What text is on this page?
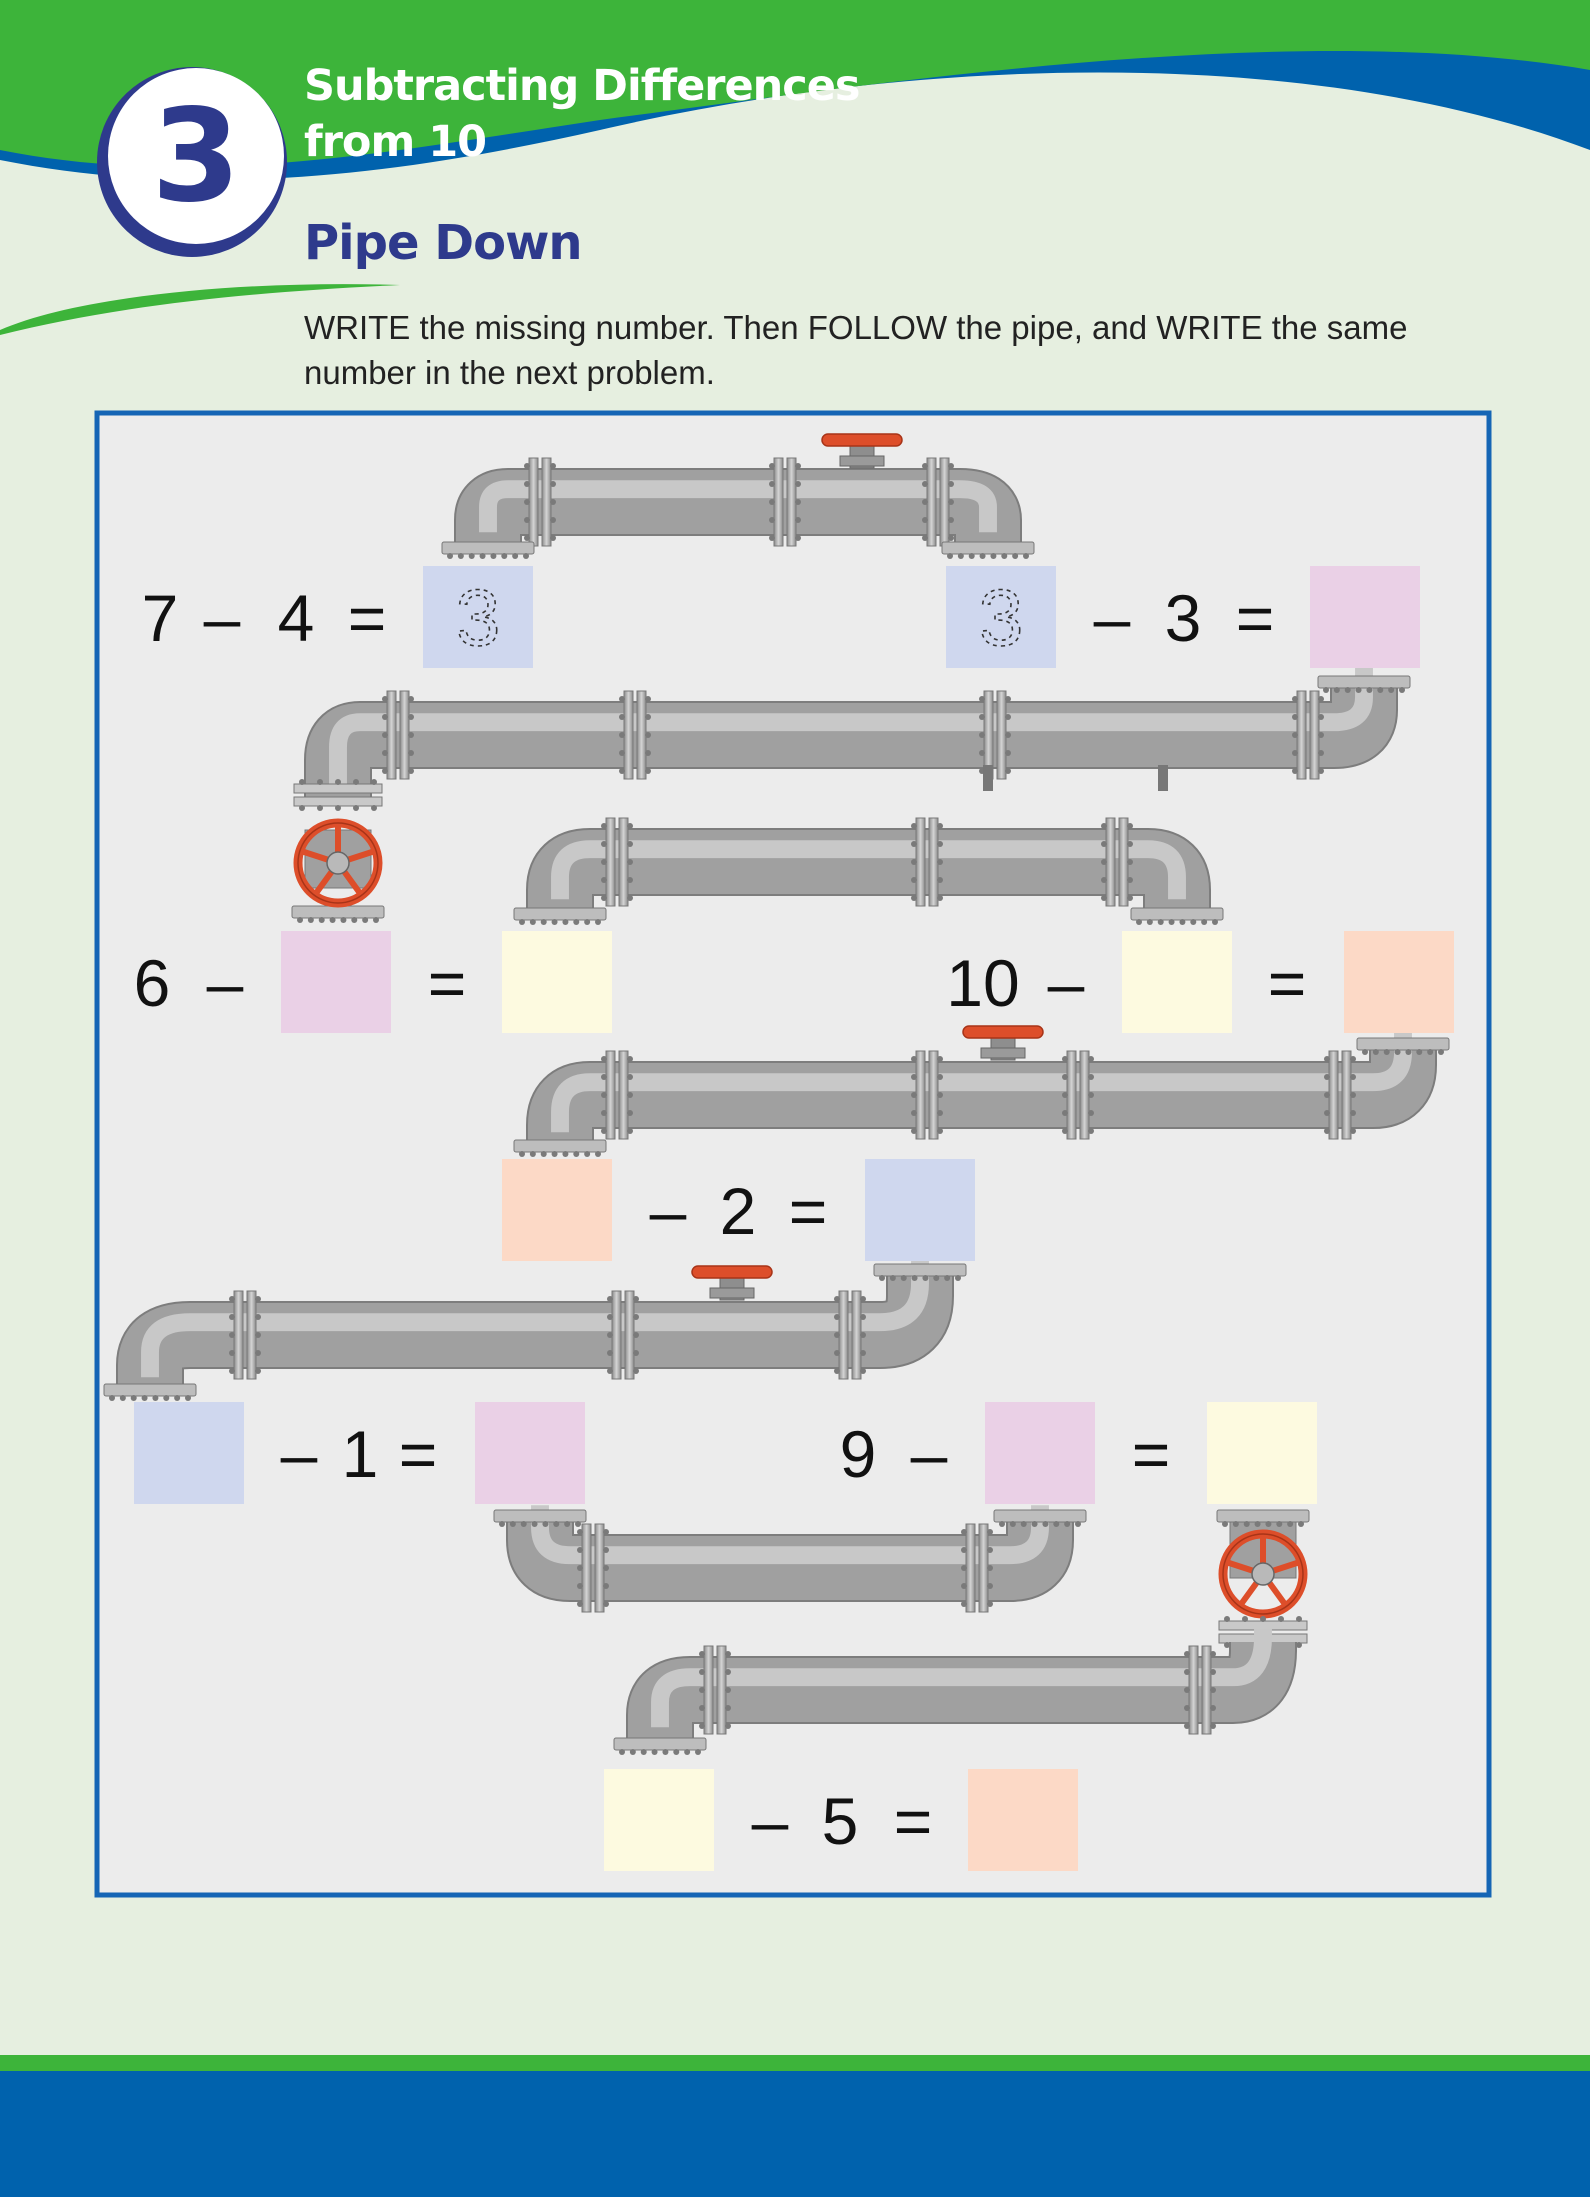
3 Subtracting Differences
from 10
Pipe Down

WRITE the missing number. Then FOLLOW the pipe, and WRITE the same number in the next problem.

7 – 4 = 3	3 – 3 =
6 –	=	10 –	=
– 2 =
– 1 =	9 –	=
– 5 =
